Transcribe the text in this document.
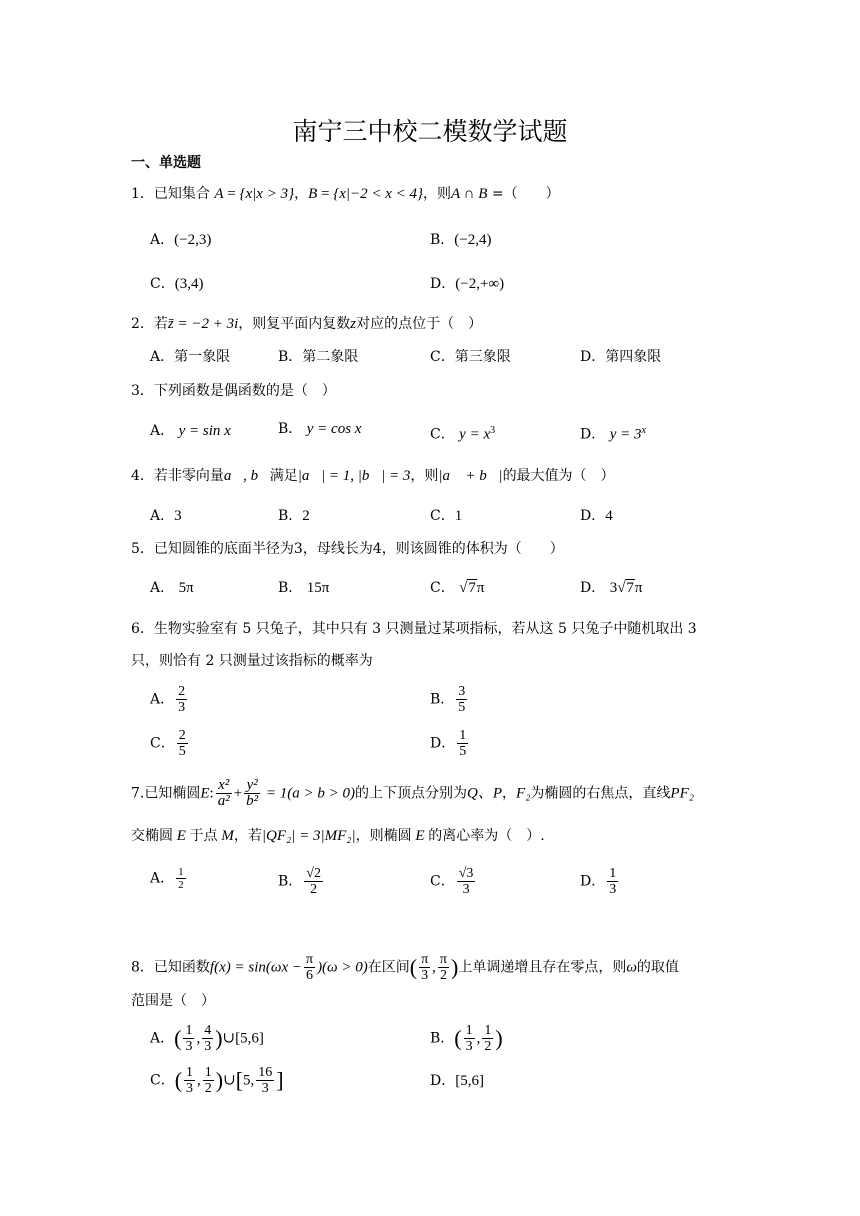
南宁三中校二模数学试题
一、单选题
1．已知集合 A = {x|x > 3}，B = {x|−2 < x < 4}，则A ∩ B =（　　）
A．(−2,3)	B．(−2,4)
C．(3,4)	D．(−2,+∞)
2．若z̄ = −2 + 3i，则复平面内复数z对应的点位于（　）
A．第一象限	B．第二象限	C．第三象限	D．第四象限
3．下列函数是偶函数的是（　）
A． y = sin x	B． y = cos x	C． $y = x^3$	D． $y = 3^x$
4．若非零向量a⃗, b⃗满足|a⃗| = 1, |b⃗| = 3，则|a⃗ + b⃗|的最大值为（　）
A．3	B．2	C．1	D．4
5．已知圆锥的底面半径为3，母线长为4，则该圆锥的体积为（　　）
A． 5π	B． 15π	C． √7π	D． 3√7π
6．生物实验室有 5 只兔子，其中只有 3 只测量过某项指标，若从这 5 只兔子中随机取出 3
只，则恰有 2 只测量过该指标的概率为
A． $\frac{2}{3}$	B． $\frac{3}{5}$
C． $\frac{2}{5}$	D． $\frac{1}{5}$
7.已知椭圆E: $\frac{\text{x²}}{\text{a²}} + \frac{\text{y²}}{\text{b²}} = 1(a > b > 0)$的上下顶点分别为Q、P，F₂为椭圆的右焦点，直线PF₂
交椭圆 E 于点 M，若|QF₂| = 3|MF₂|，则椭圆 E 的离心率为（　）.
A． $\frac{1}{2}$	B． $\frac{√2}{2}$	C． $\frac{√3}{3}$	D． $\frac{1}{3}$
8．已知函数$f(x) = \sin(\omega x - \frac{\pi}{6} )(\omega > 0)$在区间( $\frac{\pi}{3}$ , $\frac{\pi}{2}$ )上单调递增且存在零点，则ω的取值
范围是（　）
A．( $\frac{1}{3}$ , $\frac{4}{3}$ )∪[5,6]	B．( $\frac{1}{3}$ , $\frac{1}{2}$ )
C．( $\frac{1}{3}$ , $\frac{1}{2}$ )∪[5, $\frac{16}{3}$ ]	D．[5,6]
